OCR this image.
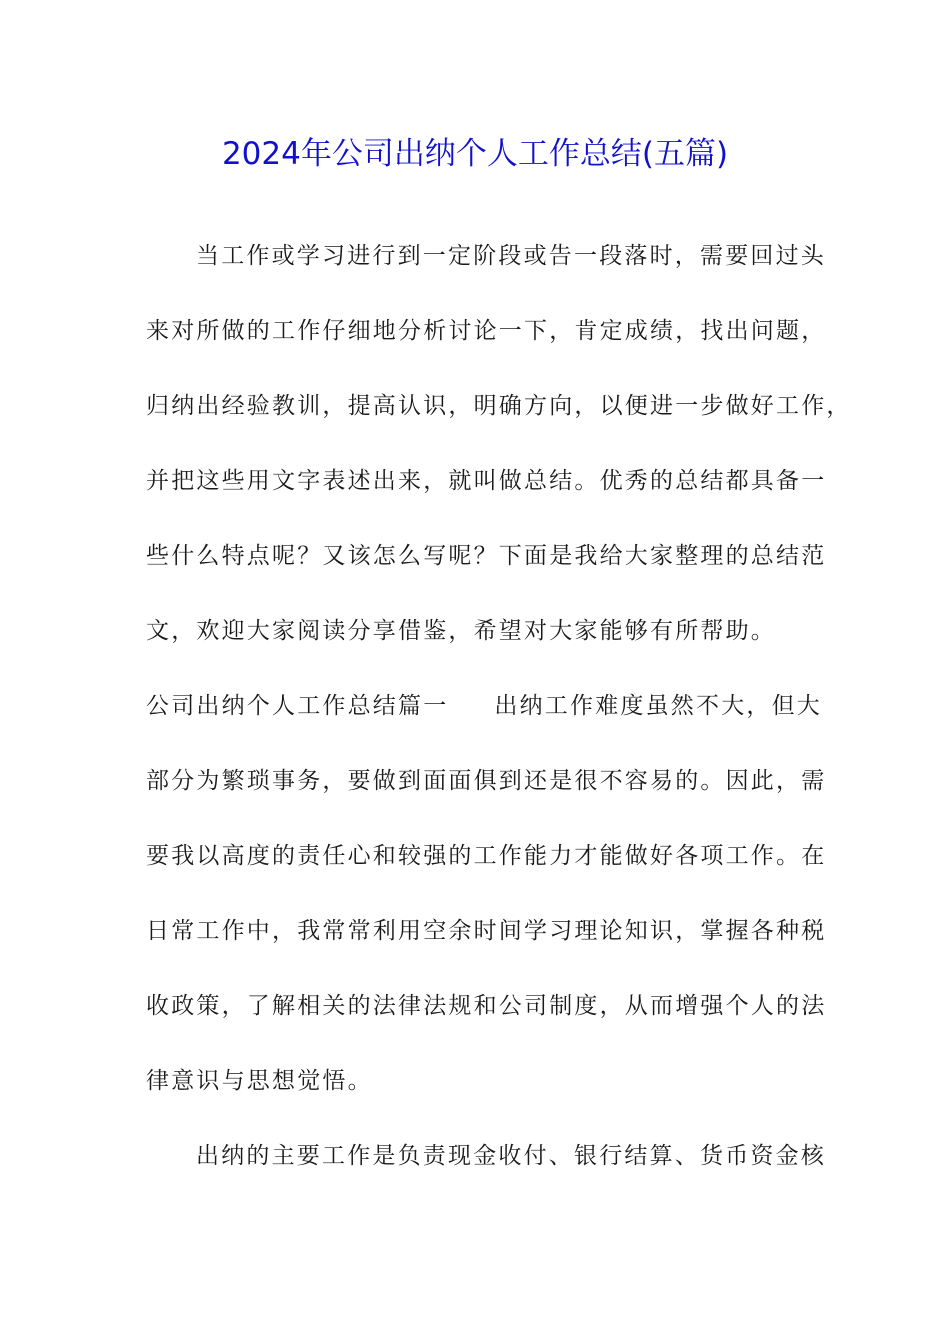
2024年公司出纳个人工作总结(五篇)
当工作或学习进行到一定阶段或告一段落时，需要回过头
来对所做的工作仔细地分析讨论一下，肯定成绩，找出问题，
归纳出经验教训，提高认识，明确方向，以便进一步做好工作，
并把这些用文字表述出来，就叫做总结。优秀的总结都具备一
些什么特点呢？又该怎么写呢？下面是我给大家整理的总结范
文，欢迎大家阅读分享借鉴，希望对大家能够有所帮助。
公司出纳个人工作总结篇一 出纳工作难度虽然不大，但大
部分为繁琐事务，要做到面面俱到还是很不容易的。因此，需
要我以高度的责任心和较强的工作能力才能做好各项工作。在
日常工作中，我常常利用空余时间学习理论知识，掌握各种税
收政策，了解相关的法律法规和公司制度，从而增强个人的法
律意识与思想觉悟。
出纳的主要工作是负责现金收付、银行结算、货币资金核
